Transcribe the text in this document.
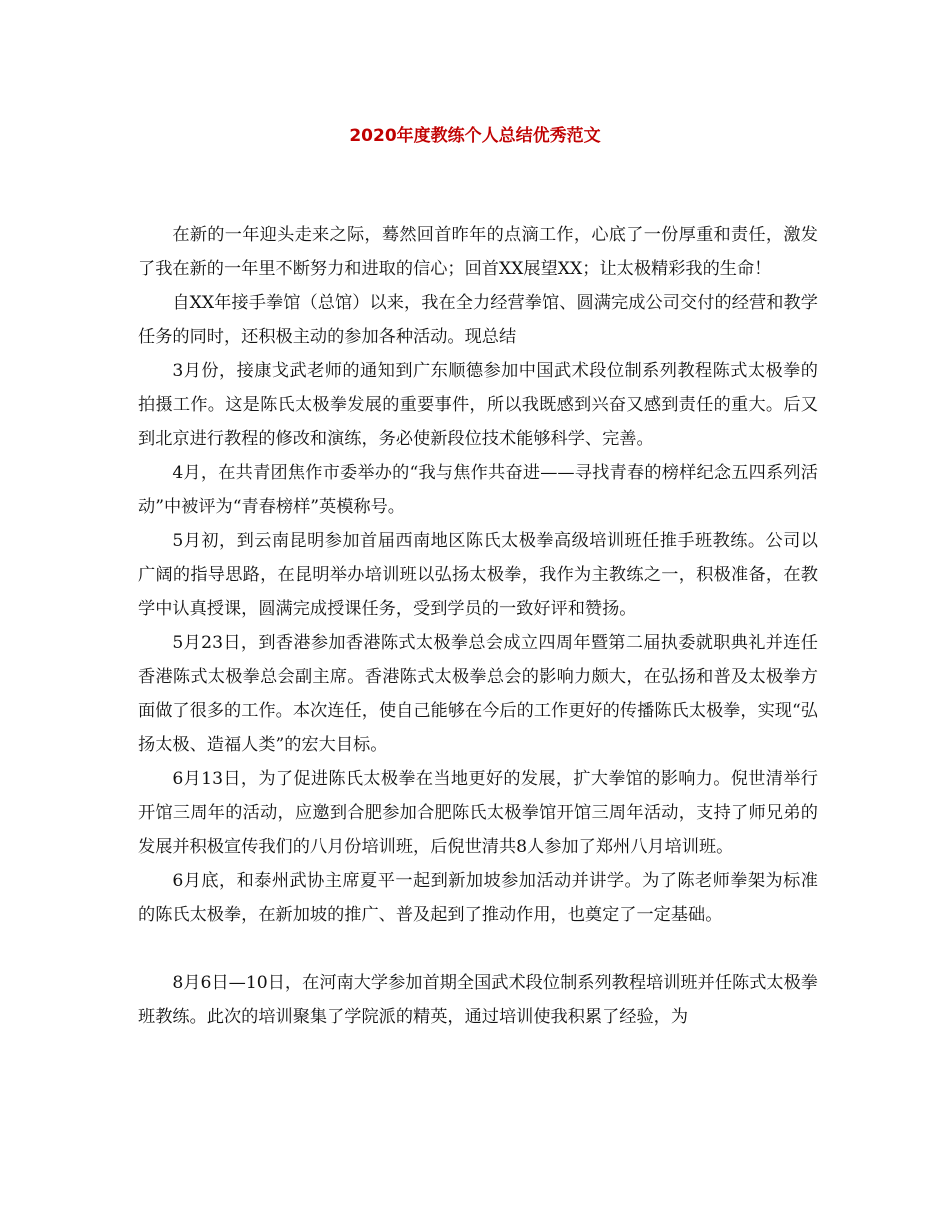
2020年度教练个人总结优秀范文

在新的一年迎头走来之际，蓦然回首昨年的点滴工作，心底了一份厚重和责任，激发了我在新的一年里不断努力和进取的信心；回首XX展望XX；让太极精彩我的生命！

自XX年接手拳馆（总馆）以来，我在全力经营拳馆、圆满完成公司交付的经营和教学任务的同时，还积极主动的参加各种活动。现总结

3月份，接康戈武老师的通知到广东顺德参加中国武术段位制系列教程陈式太极拳的拍摄工作。这是陈氏太极拳发展的重要事件，所以我既感到兴奋又感到责任的重大。后又到北京进行教程的修改和演练，务必使新段位技术能够科学、完善。

4月，在共青团焦作市委举办的“我与焦作共奋进——寻找青春的榜样纪念五四系列活动”中被评为“青春榜样”英模称号。

5月初，到云南昆明参加首届西南地区陈氏太极拳高级培训班任推手班教练。公司以广阔的指导思路，在昆明举办培训班以弘扬太极拳，我作为主教练之一，积极准备，在教学中认真授课，圆满完成授课任务，受到学员的一致好评和赞扬。

5月23日，到香港参加香港陈式太极拳总会成立四周年暨第二届执委就职典礼并连任香港陈式太极拳总会副主席。香港陈式太极拳总会的影响力颇大，在弘扬和普及太极拳方面做了很多的工作。本次连任，使自己能够在今后的工作更好的传播陈氏太极拳，实现“弘扬太极、造福人类”的宏大目标。

6月13日，为了促进陈氏太极拳在当地更好的发展，扩大拳馆的影响力。倪世清举行开馆三周年的活动，应邀到合肥参加合肥陈氏太极拳馆开馆三周年活动，支持了师兄弟的发展并积极宣传我们的八月份培训班，后倪世清共8人参加了郑州八月培训班。

6月底，和泰州武协主席夏平一起到新加坡参加活动并讲学。为了陈老师拳架为标准的陈氏太极拳，在新加坡的推广、普及起到了推动作用，也奠定了一定基础。

8月6日—10日，在河南大学参加首期全国武术段位制系列教程培训班并任陈式太极拳班教练。此次的培训聚集了学院派的精英，通过培训使我积累了经验，为
